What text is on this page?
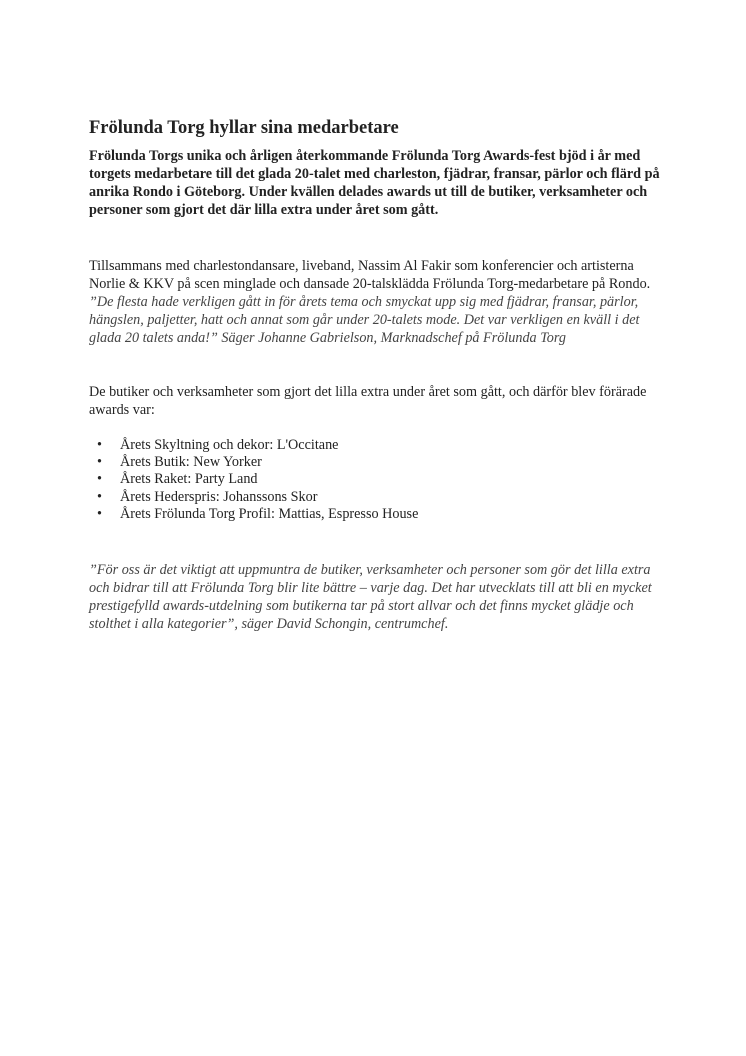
Frölunda Torg hyllar sina medarbetare

Frölunda Torgs unika och årligen återkommande Frölunda Torg Awards-fest bjöd i år med torgets medarbetare till det glada 20-talet med charleston, fjädrar, fransar, pärlor och flärd på anrika Rondo i Göteborg. Under kvällen delades awards ut till de butiker, verksamheter och personer som gjort det där lilla extra under året som gått.

Tillsammans med charlestondansare, liveband, Nassim Al Fakir som konferencier och artisterna Norlie & KKV på scen minglade och dansade 20-talsklädda Frölunda Torg-medarbetare på Rondo.

”De flesta hade verkligen gått in för årets tema och smyckat upp sig med fjädrar, fransar, pärlor, hängslen, paljetter, hatt och annat som går under 20-talets mode. Det var verkligen en kväll i det glada 20 talets anda!” Säger Johanne Gabrielson, Marknadschef på Frölunda Torg

De butiker och verksamheter som gjort det lilla extra under året som gått, och därför blev förärade awards var:

• Årets Skyltning och dekor: L'Occitane
• Årets Butik: New Yorker
• Årets Raket: Party Land
• Årets Hederspris: Johanssons Skor
• Årets Frölunda Torg Profil: Mattias, Espresso House

”För oss är det viktigt att uppmuntra de butiker, verksamheter och personer som gör det lilla extra och bidrar till att Frölunda Torg blir lite bättre – varje dag. Det har utvecklats till att bli en mycket prestigefylld awards-utdelning som butikerna tar på stort allvar och det finns mycket glädje och stolthet i alla kategorier”, säger David Schongin, centrumchef.
